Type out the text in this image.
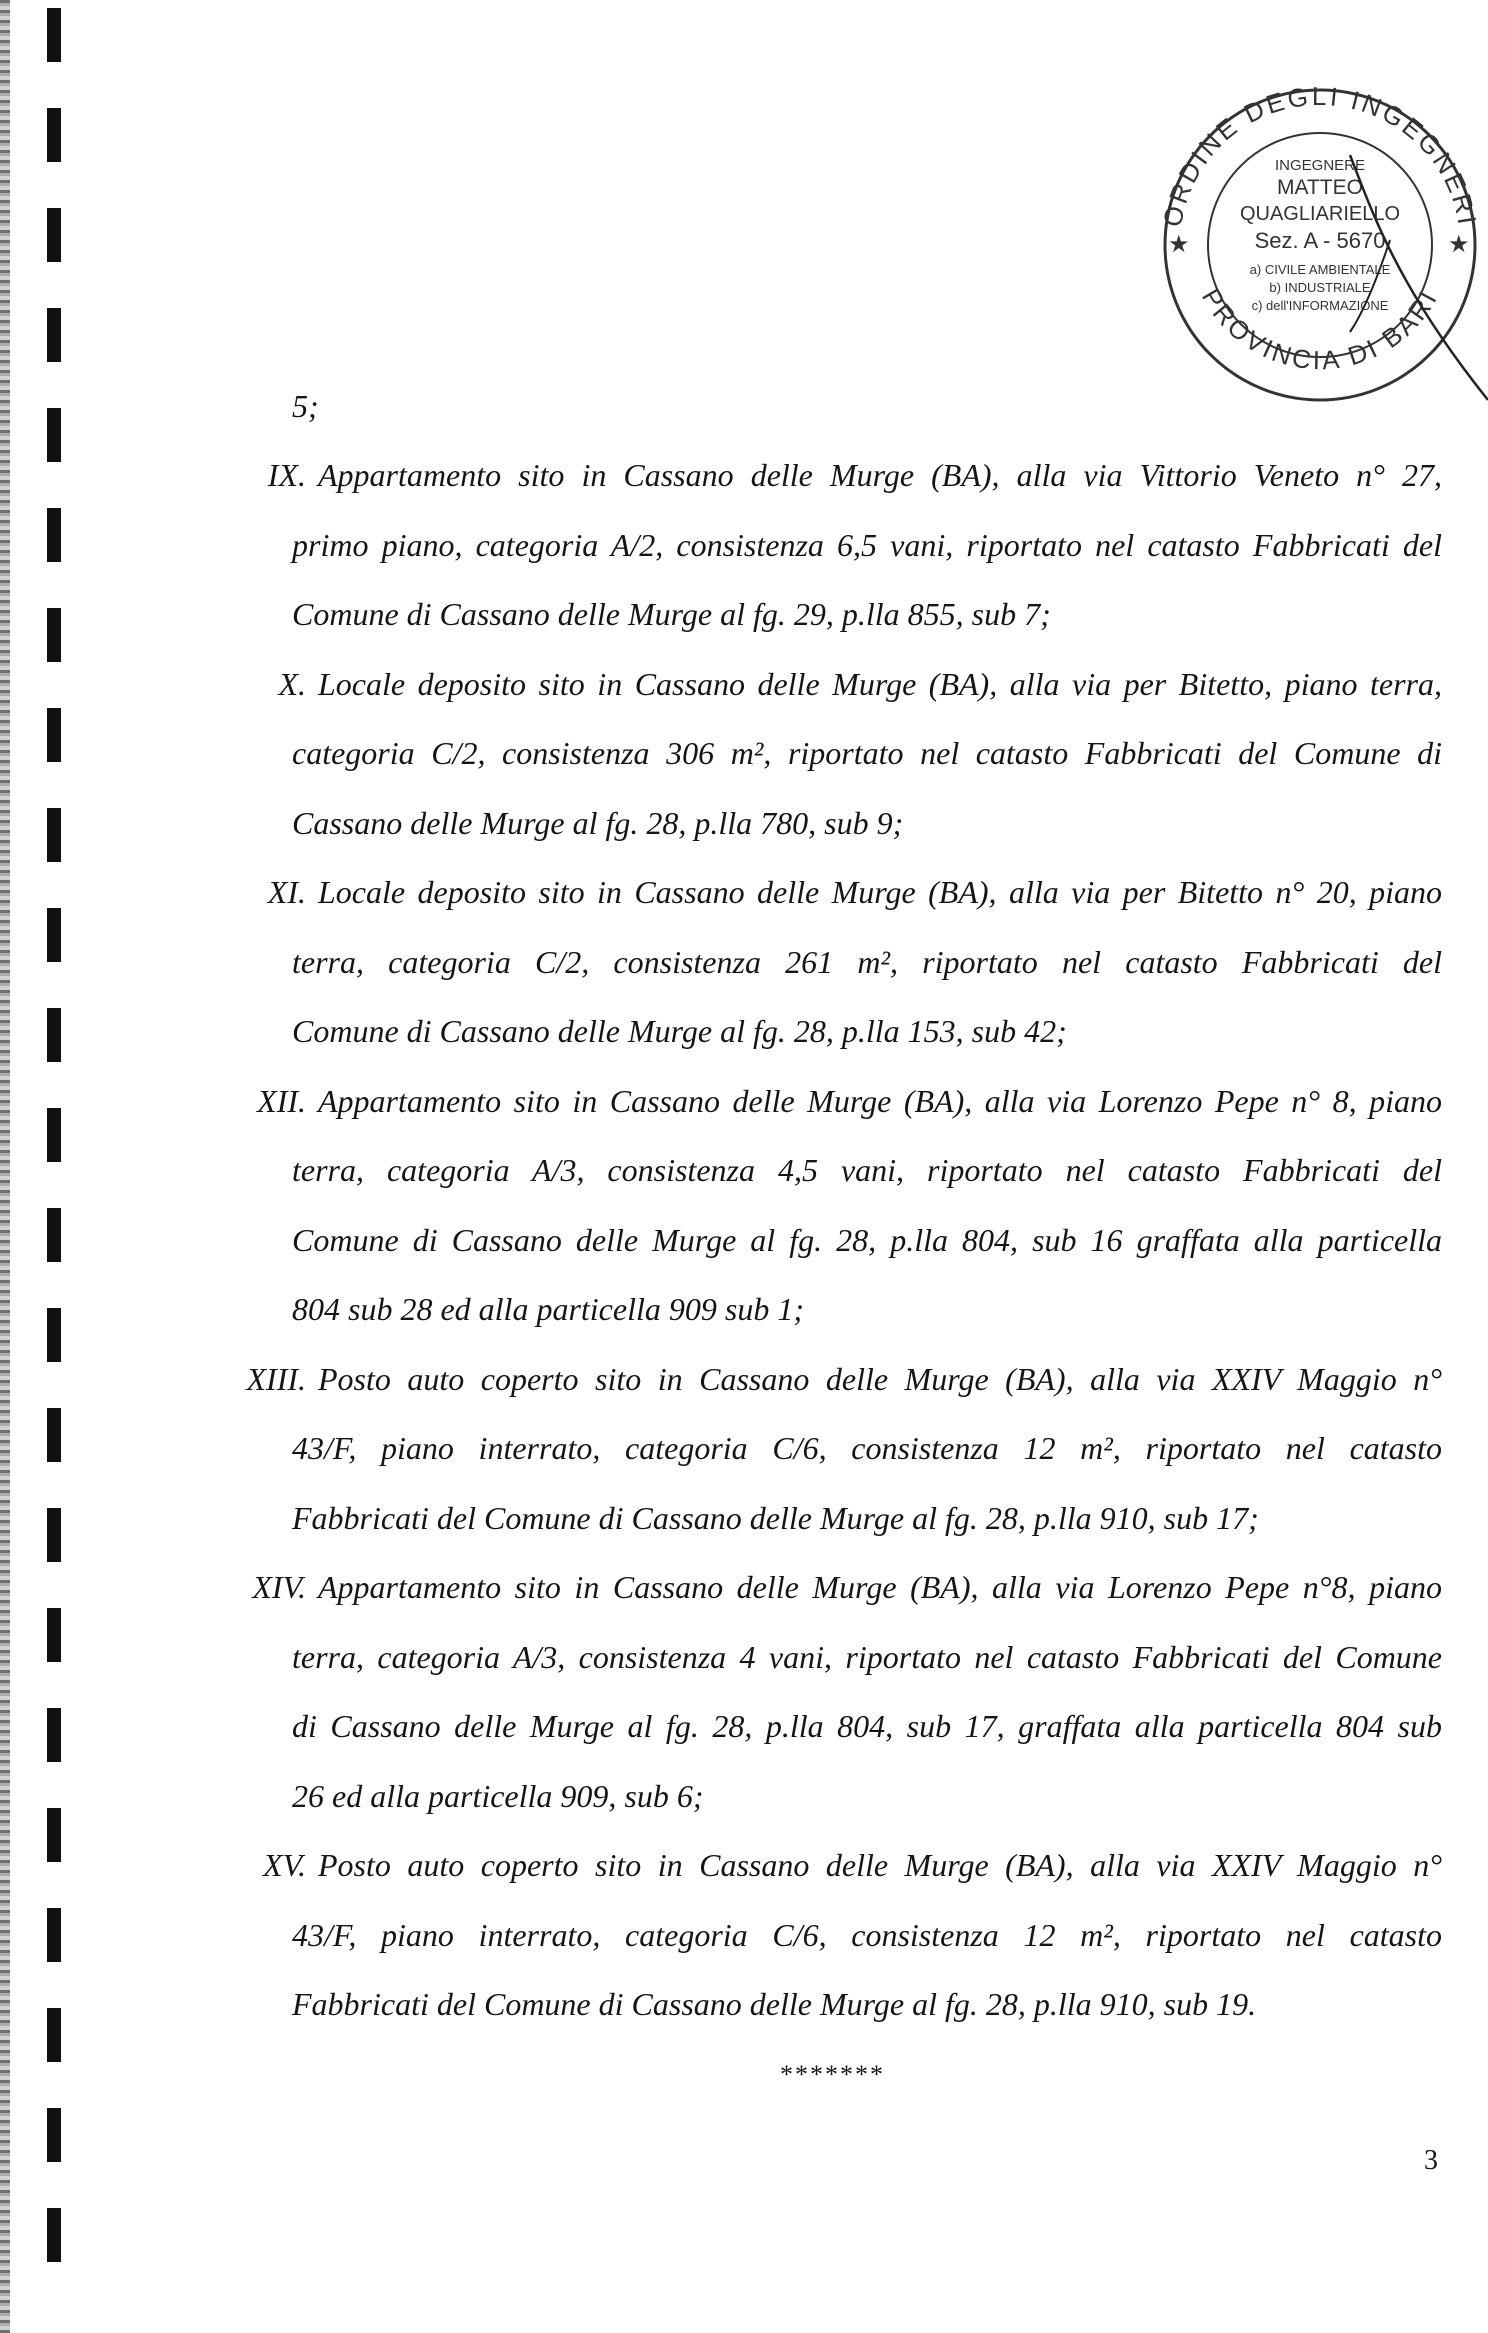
ORDINE DEGLI INGEGNERI
PROVINCIA DI BARI
★	★
INGEGNERE
MATTEO
QUAGLIARIELLO
Sez. A - 5670
a) CIVILE AMBIENTALE
b) INDUSTRIALE
c) dell'INFORMAZIONE
5;
IX. Appartamento sito in Cassano delle Murge (BA), alla via Vittorio Veneto n° 27,
primo piano, categoria A/2, consistenza 6,5 vani, riportato nel catasto Fabbricati del
Comune di Cassano delle Murge al fg. 29, p.lla 855, sub 7;
X. Locale deposito sito in Cassano delle Murge (BA), alla via per Bitetto, piano terra,
categoria C/2, consistenza 306 m², riportato nel catasto Fabbricati del Comune di
Cassano delle Murge al fg. 28, p.lla 780, sub 9;
XI. Locale deposito sito in Cassano delle Murge (BA), alla via per Bitetto n° 20, piano
terra, categoria C/2, consistenza 261 m², riportato nel catasto Fabbricati del
Comune di Cassano delle Murge al fg. 28, p.lla 153, sub 42;
XII. Appartamento sito in Cassano delle Murge (BA), alla via Lorenzo Pepe n° 8, piano
terra, categoria A/3, consistenza 4,5 vani, riportato nel catasto Fabbricati del
Comune di Cassano delle Murge al fg. 28, p.lla 804, sub 16 graffata alla particella
804 sub 28 ed alla particella 909 sub 1;
XIII. Posto auto coperto sito in Cassano delle Murge (BA), alla via XXIV Maggio n°
43/F, piano interrato, categoria C/6, consistenza 12 m², riportato nel catasto
Fabbricati del Comune di Cassano delle Murge al fg. 28, p.lla 910, sub 17;
XIV. Appartamento sito in Cassano delle Murge (BA), alla via Lorenzo Pepe n°8, piano
terra, categoria A/3, consistenza 4 vani, riportato nel catasto Fabbricati del Comune
di Cassano delle Murge al fg. 28, p.lla 804, sub 17, graffata alla particella 804 sub
26 ed alla particella 909, sub 6;
XV. Posto auto coperto sito in Cassano delle Murge (BA), alla via XXIV Maggio n°
43/F, piano interrato, categoria C/6, consistenza 12 m², riportato nel catasto
Fabbricati del Comune di Cassano delle Murge al fg. 28, p.lla 910, sub 19.
*******
3
